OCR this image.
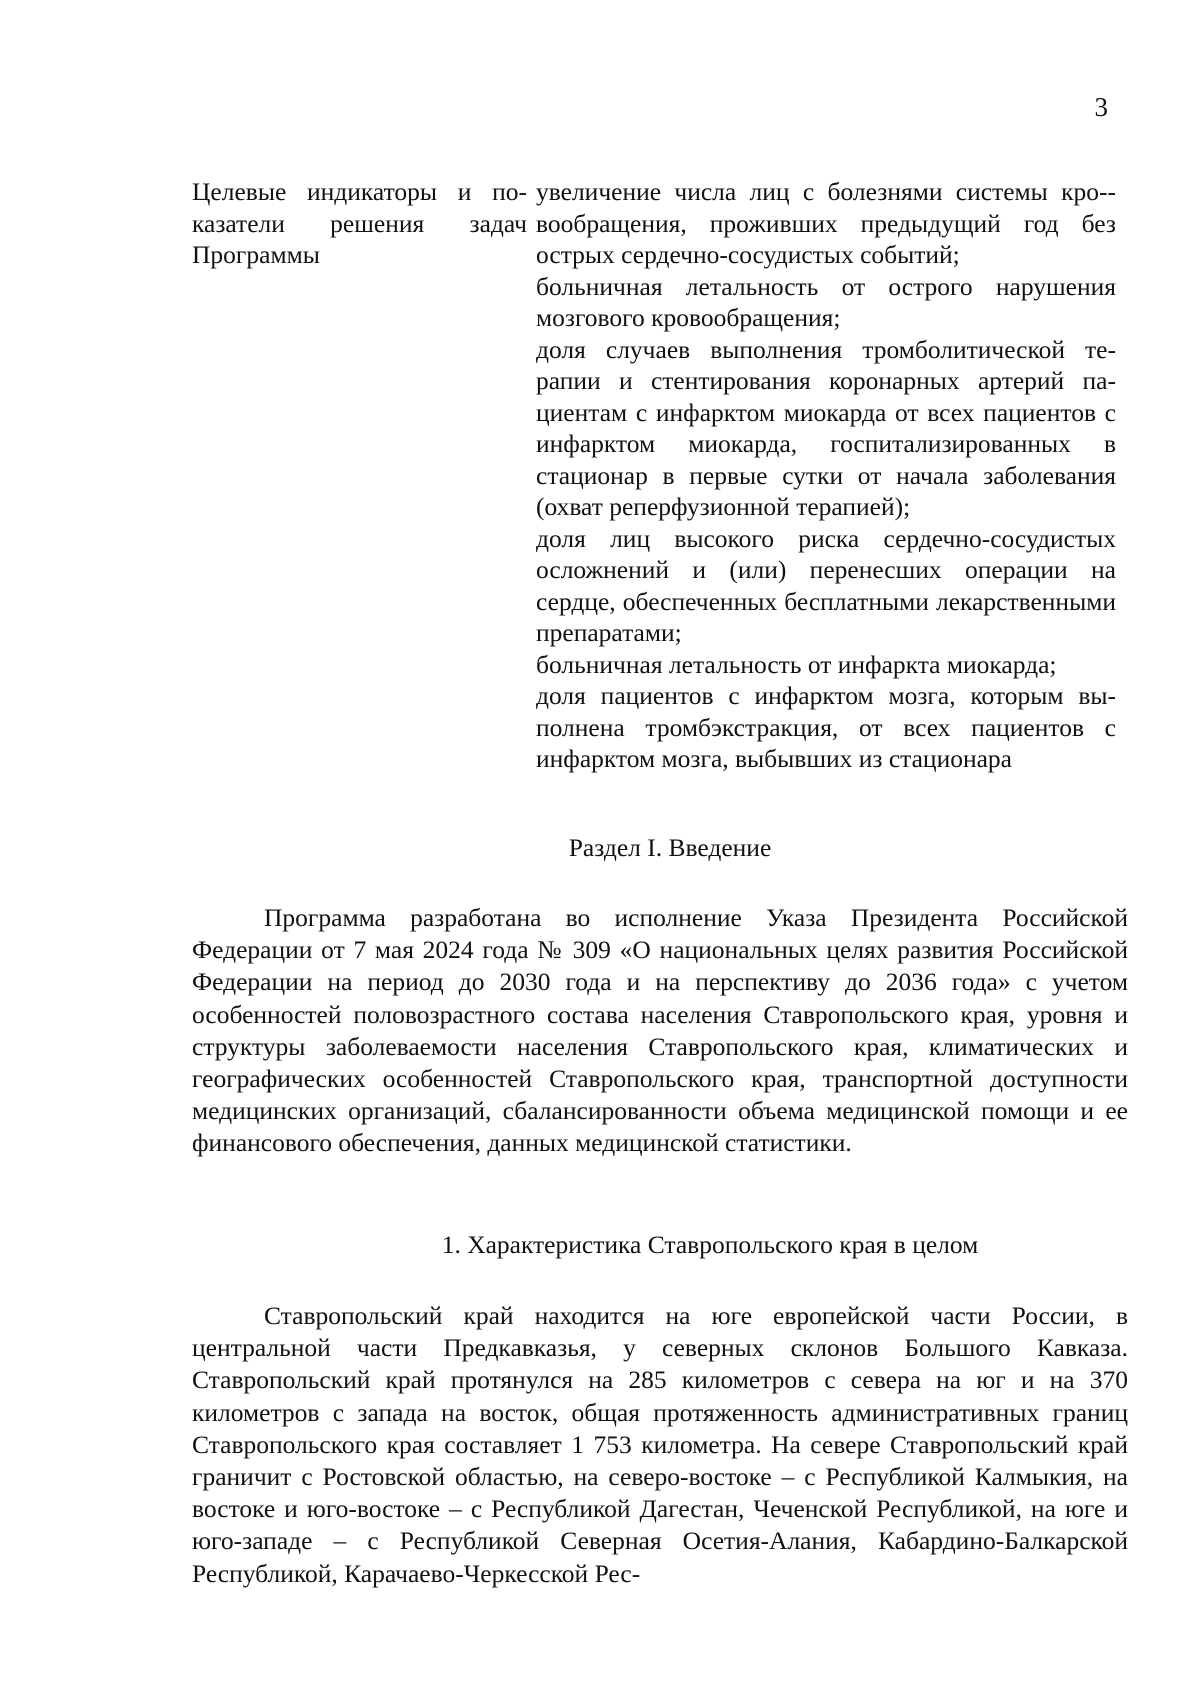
3
Целевые индикаторы и по-
казатели решения задач
Программы
увеличение числа лиц с болезнями системы кро-вообращения, проживших предыдущий год без острых сердечно-сосудистых событий;
больничная летальность от острого нарушения мозгового кровообращения;
доля случаев выполнения тромболитической терапии и стентирования коронарных артерий пациентам с инфарктом миокарда от всех пациентов с инфарктом миокарда, госпитализированных в стационар в первые сутки от начала заболевания (охват реперфузионной терапией);
доля лиц высокого риска сердечно-сосудистых осложнений и (или) перенесших операции на сердце, обеспеченных бесплатными лекарственными препаратами;
больничная летальность от инфаркта миокарда;
доля пациентов с инфарктом мозга, которым выполнена тромбэкстракция, от всех пациентов с инфарктом мозга, выбывших из стационара
Раздел I. Введение

Программа разработана во исполнение Указа Президента Российской Федерации от 7 мая 2024 года № 309 «О национальных целях развития Российской Федерации на период до 2030 года и на перспективу до 2036 года» с учетом особенностей половозрастного состава населения Ставропольского края, уровня и структуры заболеваемости населения Ставропольского края, климатических и географических особенностей Ставропольского края, транспортной доступности медицинских организаций, сбалансированности объема медицинской помощи и ее финансового обеспечения, данных медицинской статистики.

1. Характеристика Ставропольского края в целом

Ставропольский край находится на юге европейской части России, в центральной части Предкавказья, у северных склонов Большого Кавказа. Ставропольский край протянулся на 285 километров с севера на юг и на 370 километров с запада на восток, общая протяженность административных границ Ставропольского края составляет 1 753 километра. На севере Ставропольский край граничит с Ростовской областью, на северо-востоке – с Республикой Калмыкия, на востоке и юго-востоке – с Республикой Дагестан, Чеченской Республикой, на юге и юго-западе – с Республикой Северная Осетия-Алания, Кабардино-Балкарской Республикой, Карачаево-Черкесской Рес-
